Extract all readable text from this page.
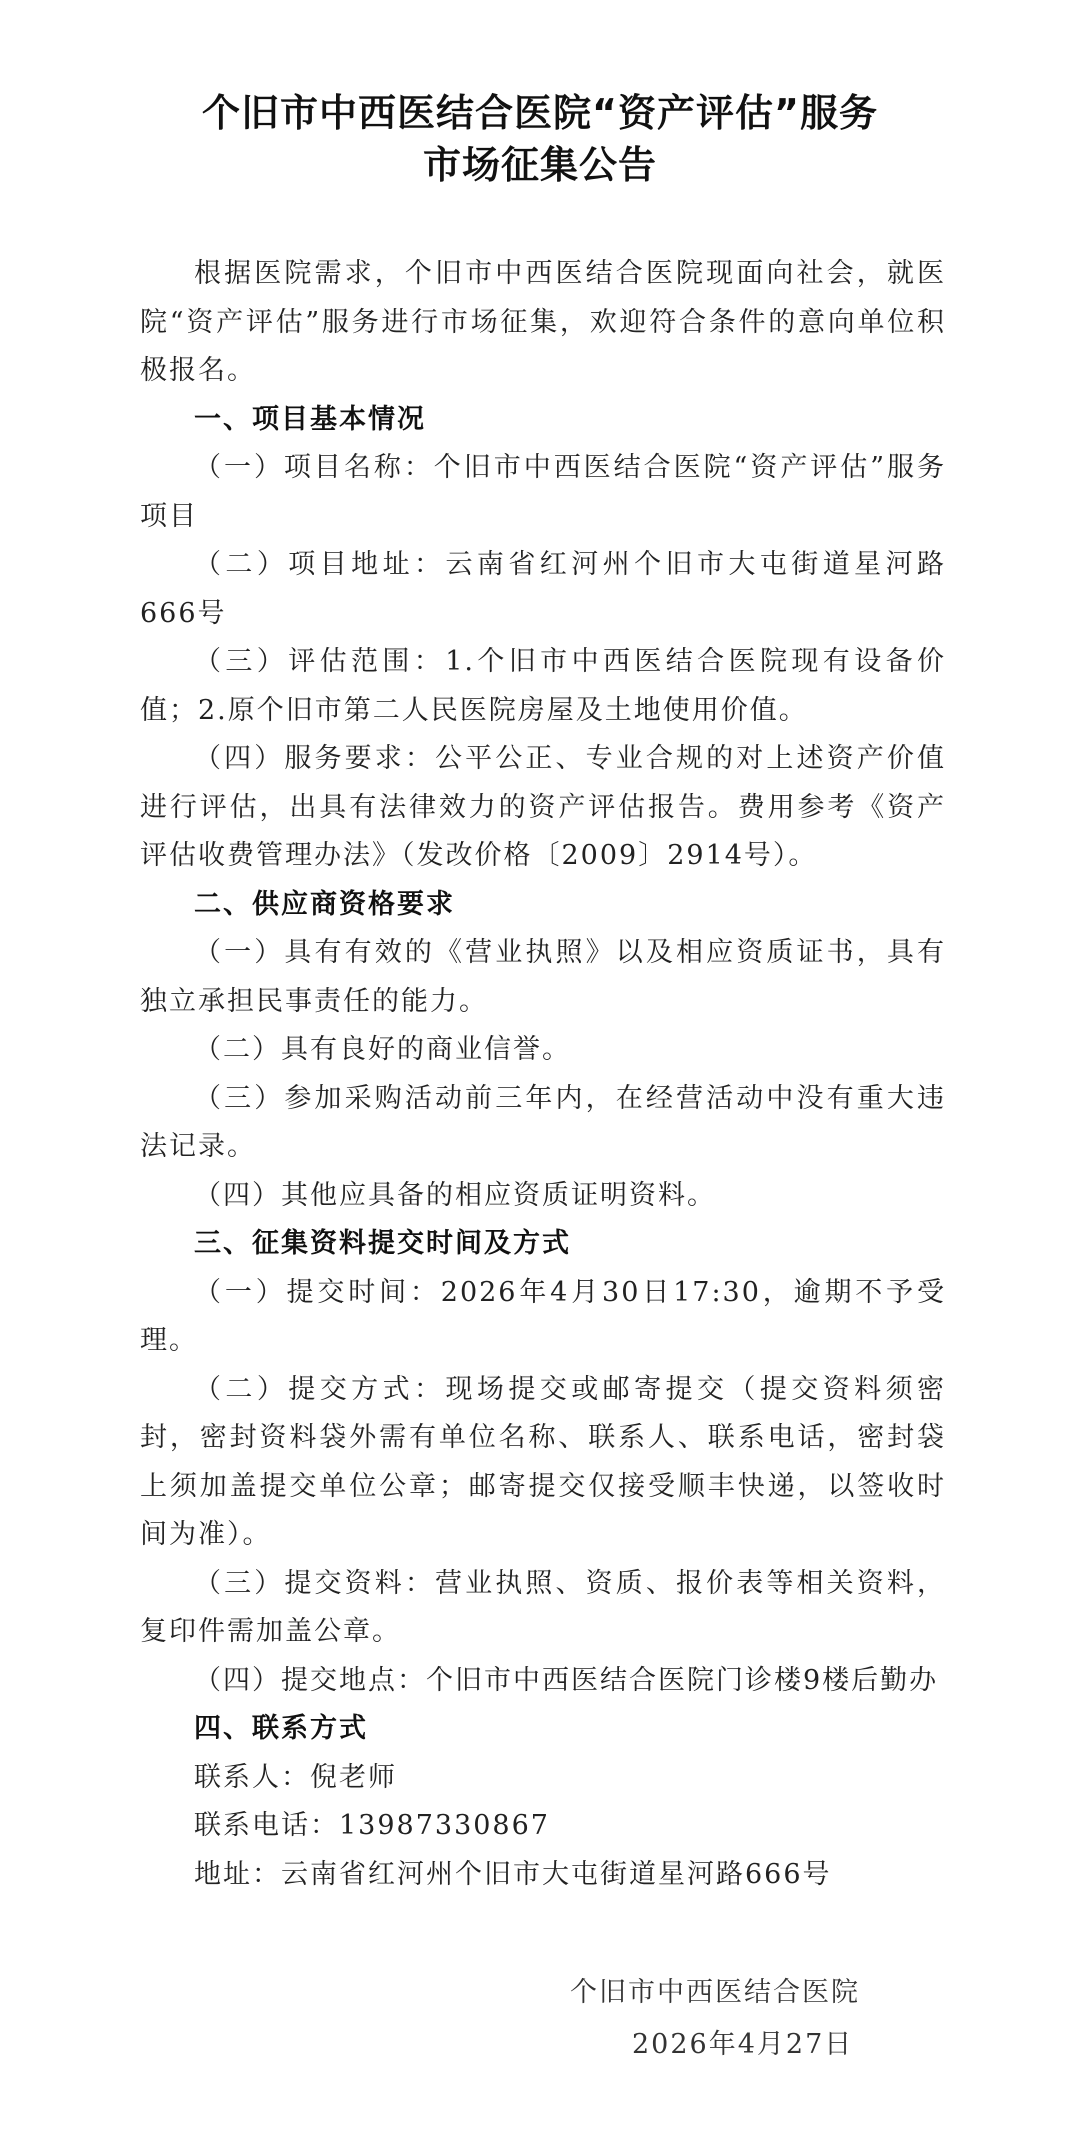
个旧市中西医结合医院“资产评估”服务
市场征集公告

根据医院需求，个旧市中西医结合医院现面向社会，就医院“资产评估”服务进行市场征集，欢迎符合条件的意向单位积极报名。

一、项目基本情况

（一）项目名称：个旧市中西医结合医院“资产评估”服务项目

（二）项目地址：云南省红河州个旧市大屯街道星河路666号

（三）评估范围：1.个旧市中西医结合医院现有设备价值；2.原个旧市第二人民医院房屋及土地使用价值。

（四）服务要求：公平公正、专业合规的对上述资产价值进行评估，出具有法律效力的资产评估报告。费用参考《资产评估收费管理办法》（发改价格〔2009〕2914号）。

二、供应商资格要求

（一）具有有效的《营业执照》以及相应资质证书，具有独立承担民事责任的能力。

（二）具有良好的商业信誉。

（三）参加采购活动前三年内，在经营活动中没有重大违法记录。

（四）其他应具备的相应资质证明资料。

三、征集资料提交时间及方式

（一）提交时间：2026年4月30日17:30，逾期不予受理。

（二）提交方式：现场提交或邮寄提交（提交资料须密封，密封资料袋外需有单位名称、联系人、联系电话，密封袋上须加盖提交单位公章；邮寄提交仅接受顺丰快递，以签收时间为准）。

（三）提交资料：营业执照、资质、报价表等相关资料，复印件需加盖公章。

（四）提交地点：个旧市中西医结合医院门诊楼9楼后勤办

四、联系方式

联系人：倪老师

联系电话：13987330867

地址：云南省红河州个旧市大屯街道星河路666号

个旧市中西医结合医院
2026年4月27日
